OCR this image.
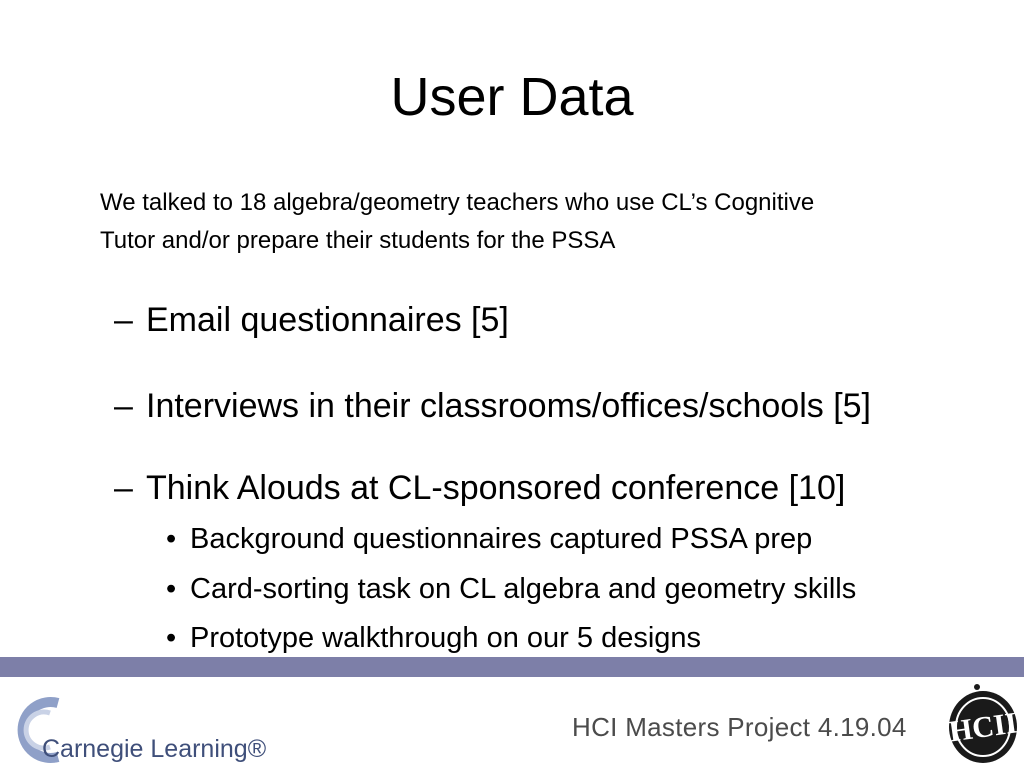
User Data
We talked to 18 algebra/geometry teachers who use CL’s Cognitive
Tutor and/or prepare their students for the PSSA
– Email questionnaires [5]
– Interviews in their classrooms/offices/schools [5]
– Think Alouds at CL-sponsored conference [10]
• Background questionnaires captured PSSA prep
• Card-sorting task on CL algebra and geometry skills
• Prototype walkthrough on our 5 designs
Carnegie Learning®
HCI Masters Project 4.19.04 HCII
